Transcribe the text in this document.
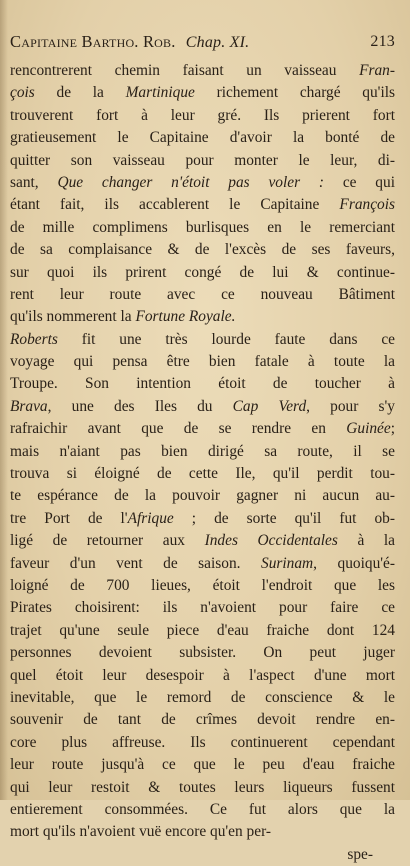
Capitaine Bartho. Rob. Chap. XI.	213
rencontrerent chemin faisant un vaisseau Fran-
çois de la Martinique richement chargé qu'ils
trouverent fort à leur gré. Ils prierent fort
gratieusement le Capitaine d'avoir la bonté de
quitter son vaisseau pour monter le leur, di-
sant, Que changer n'étoit pas voler : ce qui
étant fait, ils accablerent le Capitaine François
de mille complimens burlisques en le remerciant
de sa complaisance & de l'excès de ses faveurs,
sur quoi ils prirent congé de lui & continue-
rent leur route avec ce nouveau Bâtiment
qu'ils nommerent la Fortune Royale.
Roberts fit une très lourde faute dans ce
voyage qui pensa être bien fatale à toute la
Troupe. Son intention étoit de toucher à
Brava, une des Iles du Cap Verd, pour s'y
rafraichir avant que de se rendre en Guinée;
mais n'aiant pas bien dirigé sa route, il se
trouva si éloigné de cette Ile, qu'il perdit tou-
te espérance de la pouvoir gagner ni aucun au-
tre Port de l'Afrique ; de sorte qu'il fut ob-
ligé de retourner aux Indes Occidentales à la
faveur d'un vent de saison. Surinam, quoiqu'é-
loigné de 700 lieues, étoit l'endroit que les
Pirates choisirent: ils n'avoient pour faire ce
trajet qu'une seule piece d'eau fraiche dont 124
personnes devoient subsister. On peut juger
quel étoit leur desespoir à l'aspect d'une mort
inevitable, que le remord de conscience & le
souvenir de tant de crîmes devoit rendre en-
core plus affreuse. Ils continuerent cependant
leur route jusqu'à ce que le peu d'eau fraiche
qui leur restoit & toutes leurs liqueurs fussent
entierement consommées. Ce fut alors que la
mort qu'ils n'avoient vuë encore qu'en per-
spe-
